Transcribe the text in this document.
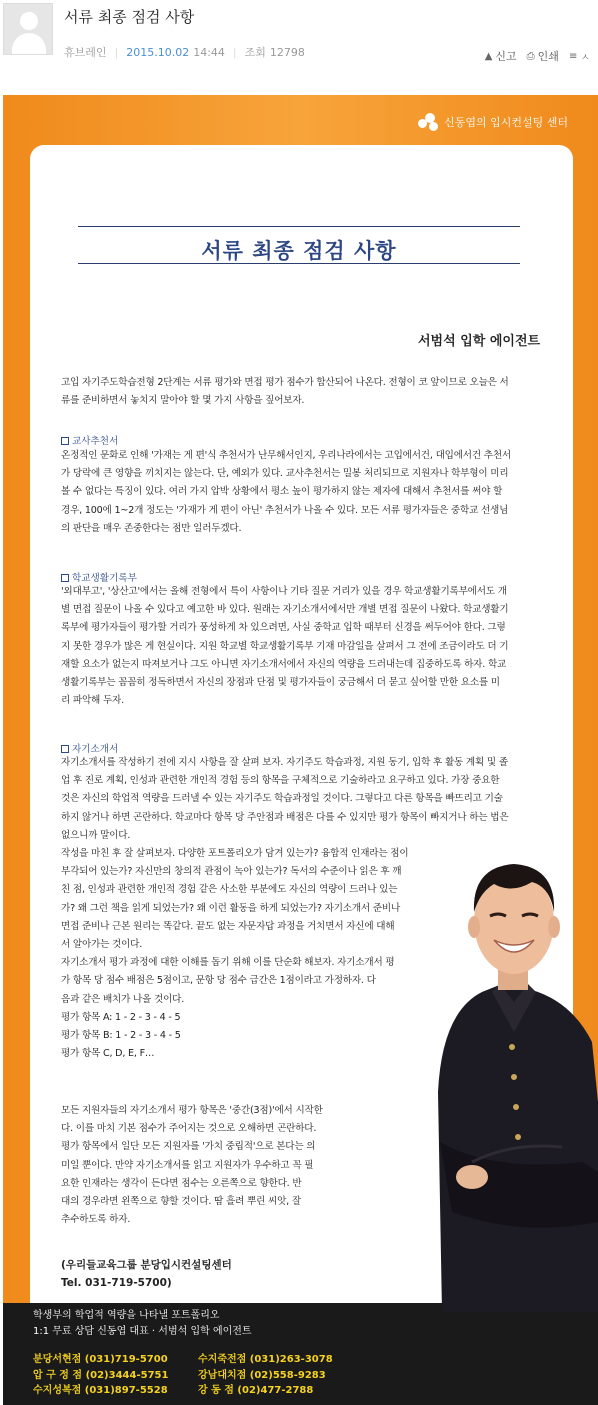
서류 최종 점검 사항
휴브레인 | 2015.10.02 14:44 | 조회 12798	▲ 신고 ⎙ 인쇄 ≡ ㅅ
신동엽의 입시컨설팅 센터
서류 최종 점검 사항
서범석 입학 에이전트
고입 자기주도학습전형 2단계는 서류 평가와 면접 평가 점수가 합산되어 나온다. 전형이 코 앞이므로 오늘은 서
류를 준비하면서 놓치지 말아야 할 몇 가지 사항을 짚어보자.
교사추천서
온정적인 문화로 인해 '가재는 게 편'식 추천서가 난무해서인지, 우리나라에서는 고입에서건, 대입에서건 추천서
가 당락에 큰 영향을 끼치지는 않는다. 단, 예외가 있다. 교사추천서는 밀봉 처리되므로 지원자나 학부형이 미리
볼 수 없다는 특징이 있다. 여러 가지 압박 상황에서 평소 높이 평가하지 않는 제자에 대해서 추천서를 써야 할
경우, 100에 1~2개 정도는 '가재가 게 편이 아닌' 추천서가 나올 수 있다. 모든 서류 평가자들은 중학교 선생님
의 판단을 매우 존중한다는 점만 일러두겠다.
학교생활기록부
'외대부고', '상산고'에서는 올해 전형에서 특이 사항이나 기타 질문 거리가 있을 경우 학교생활기록부에서도 개
별 면접 질문이 나올 수 있다고 예고한 바 있다. 원래는 자기소개서에서만 개별 면접 질문이 나왔다. 학교생활기
록부에 평가자들이 평가할 거리가 풍성하게 차 있으려면, 사실 중학교 입학 때부터 신경을 써두어야 한다. 그렇
지 못한 경우가 많은 게 현실이다. 지원 학교별 학교생활기록부 기재 마감일을 살펴서 그 전에 조금이라도 더 기
재할 요소가 없는지 따져보거나 그도 아니면 자기소개서에서 자신의 역량을 드러내는데 집중하도록 하자. 학교
생활기록부는 꼼꼼히 정독하면서 자신의 장점과 단점 및 평가자들이 궁금해서 더 묻고 싶어할 만한 요소를 미
리 파악해 두자.
자기소개서
자기소개서를 작성하기 전에 지시 사항을 잘 살펴 보자. 자기주도 학습과정, 지원 동기, 입학 후 활동 계획 및 졸
업 후 진로 계획, 인성과 관련한 개인적 경험 등의 항목을 구체적으로 기술하라고 요구하고 있다. 가장 중요한
것은 자신의 학업적 역량을 드러낼 수 있는 자기주도 학습과정일 것이다. 그렇다고 다른 항목을 빠뜨리고 기술
하지 않거나 하면 곤란하다. 학교마다 항목 당 주안점과 배점은 다를 수 있지만 평가 항목이 빠지거나 하는 법은
없으니까 말이다.
작성을 마친 후 잘 살펴보자. 다양한 포트폴리오가 담겨 있는가? 융합적 인재라는 점이
부각되어 있는가? 자신만의 창의적 관점이 녹아 있는가? 독서의 수준이나 읽은 후 깨
친 점, 인성과 관련한 개인적 경험 같은 사소한 부분에도 자신의 역량이 드러나 있는
가? 왜 그런 책을 읽게 되었는가? 왜 이런 활동을 하게 되었는가? 자기소개서 준비나
면접 준비나 근본 원리는 똑같다. 끝도 없는 자문자답 과정을 거치면서 자신에 대해
서 알아가는 것이다.
자기소개서 평가 과정에 대한 이해를 돕기 위해 이를 단순화 해보자. 자기소개서 평
가 항목 당 점수 배점은 5점이고, 문항 당 점수 급간은 1점이라고 가정하자. 다
음과 같은 배치가 나올 것이다.
평가 항목 A: 1 - 2 - 3 - 4 - 5
평가 항목 B: 1 - 2 - 3 - 4 - 5
평가 항목 C, D, E, F…
모든 지원자들의 자기소개서 평가 항목은 '중간(3점)'에서 시작한
다. 이를 마치 기본 점수가 주어지는 것으로 오해하면 곤란하다.
평가 항목에서 일단 모든 지원자를 '가치 중립적'으로 본다는 의
미일 뿐이다. 만약 자기소개서를 읽고 지원자가 우수하고 꼭 필
요한 인재라는 생각이 든다면 점수는 오른쪽으로 향한다. 반
대의 경우라면 왼쪽으로 향할 것이다. 땀 흘려 뿌린 씨앗, 잘
추수하도록 하자.
(우리들교육그룹 분당입시컨설팅센터
Tel. 031-719-5700)
학생부의 학업적 역량을 나타낼 포트폴리오
1:1 무료 상담 신동엽 대표 · 서범석 입학 에이전트
분당서현점 (031)719-5700	수지죽전점 (031)263-3078
압 구 정 점 (02)3444-5751	강남대치점 (02)558-9283
수지성복점 (031)897-5528	강 동 점 (02)477-2788
